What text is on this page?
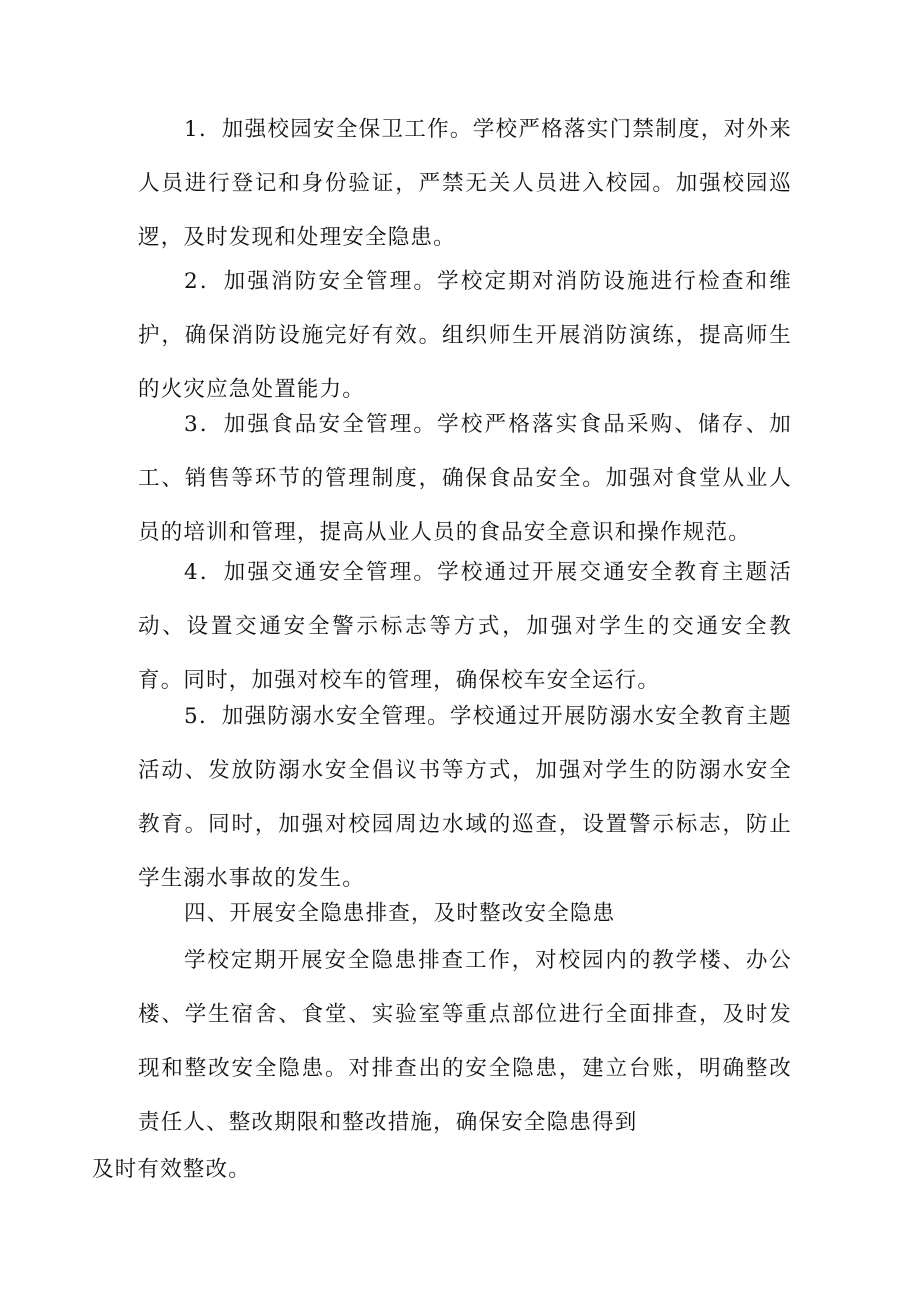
1．加强校园安全保卫工作。学校严格落实门禁制度，对外来人员进行登记和身份验证，严禁无关人员进入校园。加强校园巡逻，及时发现和处理安全隐患。

2．加强消防安全管理。学校定期对消防设施进行检查和维护，确保消防设施完好有效。组织师生开展消防演练，提高师生的火灾应急处置能力。

3．加强食品安全管理。学校严格落实食品采购、储存、加工、销售等环节的管理制度，确保食品安全。加强对食堂从业人员的培训和管理，提高从业人员的食品安全意识和操作规范。

4．加强交通安全管理。学校通过开展交通安全教育主题活动、设置交通安全警示标志等方式，加强对学生的交通安全教育。同时，加强对校车的管理，确保校车安全运行。

5．加强防溺水安全管理。学校通过开展防溺水安全教育主题活动、发放防溺水安全倡议书等方式，加强对学生的防溺水安全教育。同时，加强对校园周边水域的巡查，设置警示标志，防止学生溺水事故的发生。

四、开展安全隐患排查，及时整改安全隐患

学校定期开展安全隐患排查工作，对校园内的教学楼、办公楼、学生宿舍、食堂、实验室等重点部位进行全面排查，及时发现和整改安全隐患。对排查出的安全隐患，建立台账，明确整改责任人、整改期限和整改措施，确保安全隐患得到
及时有效整改。
